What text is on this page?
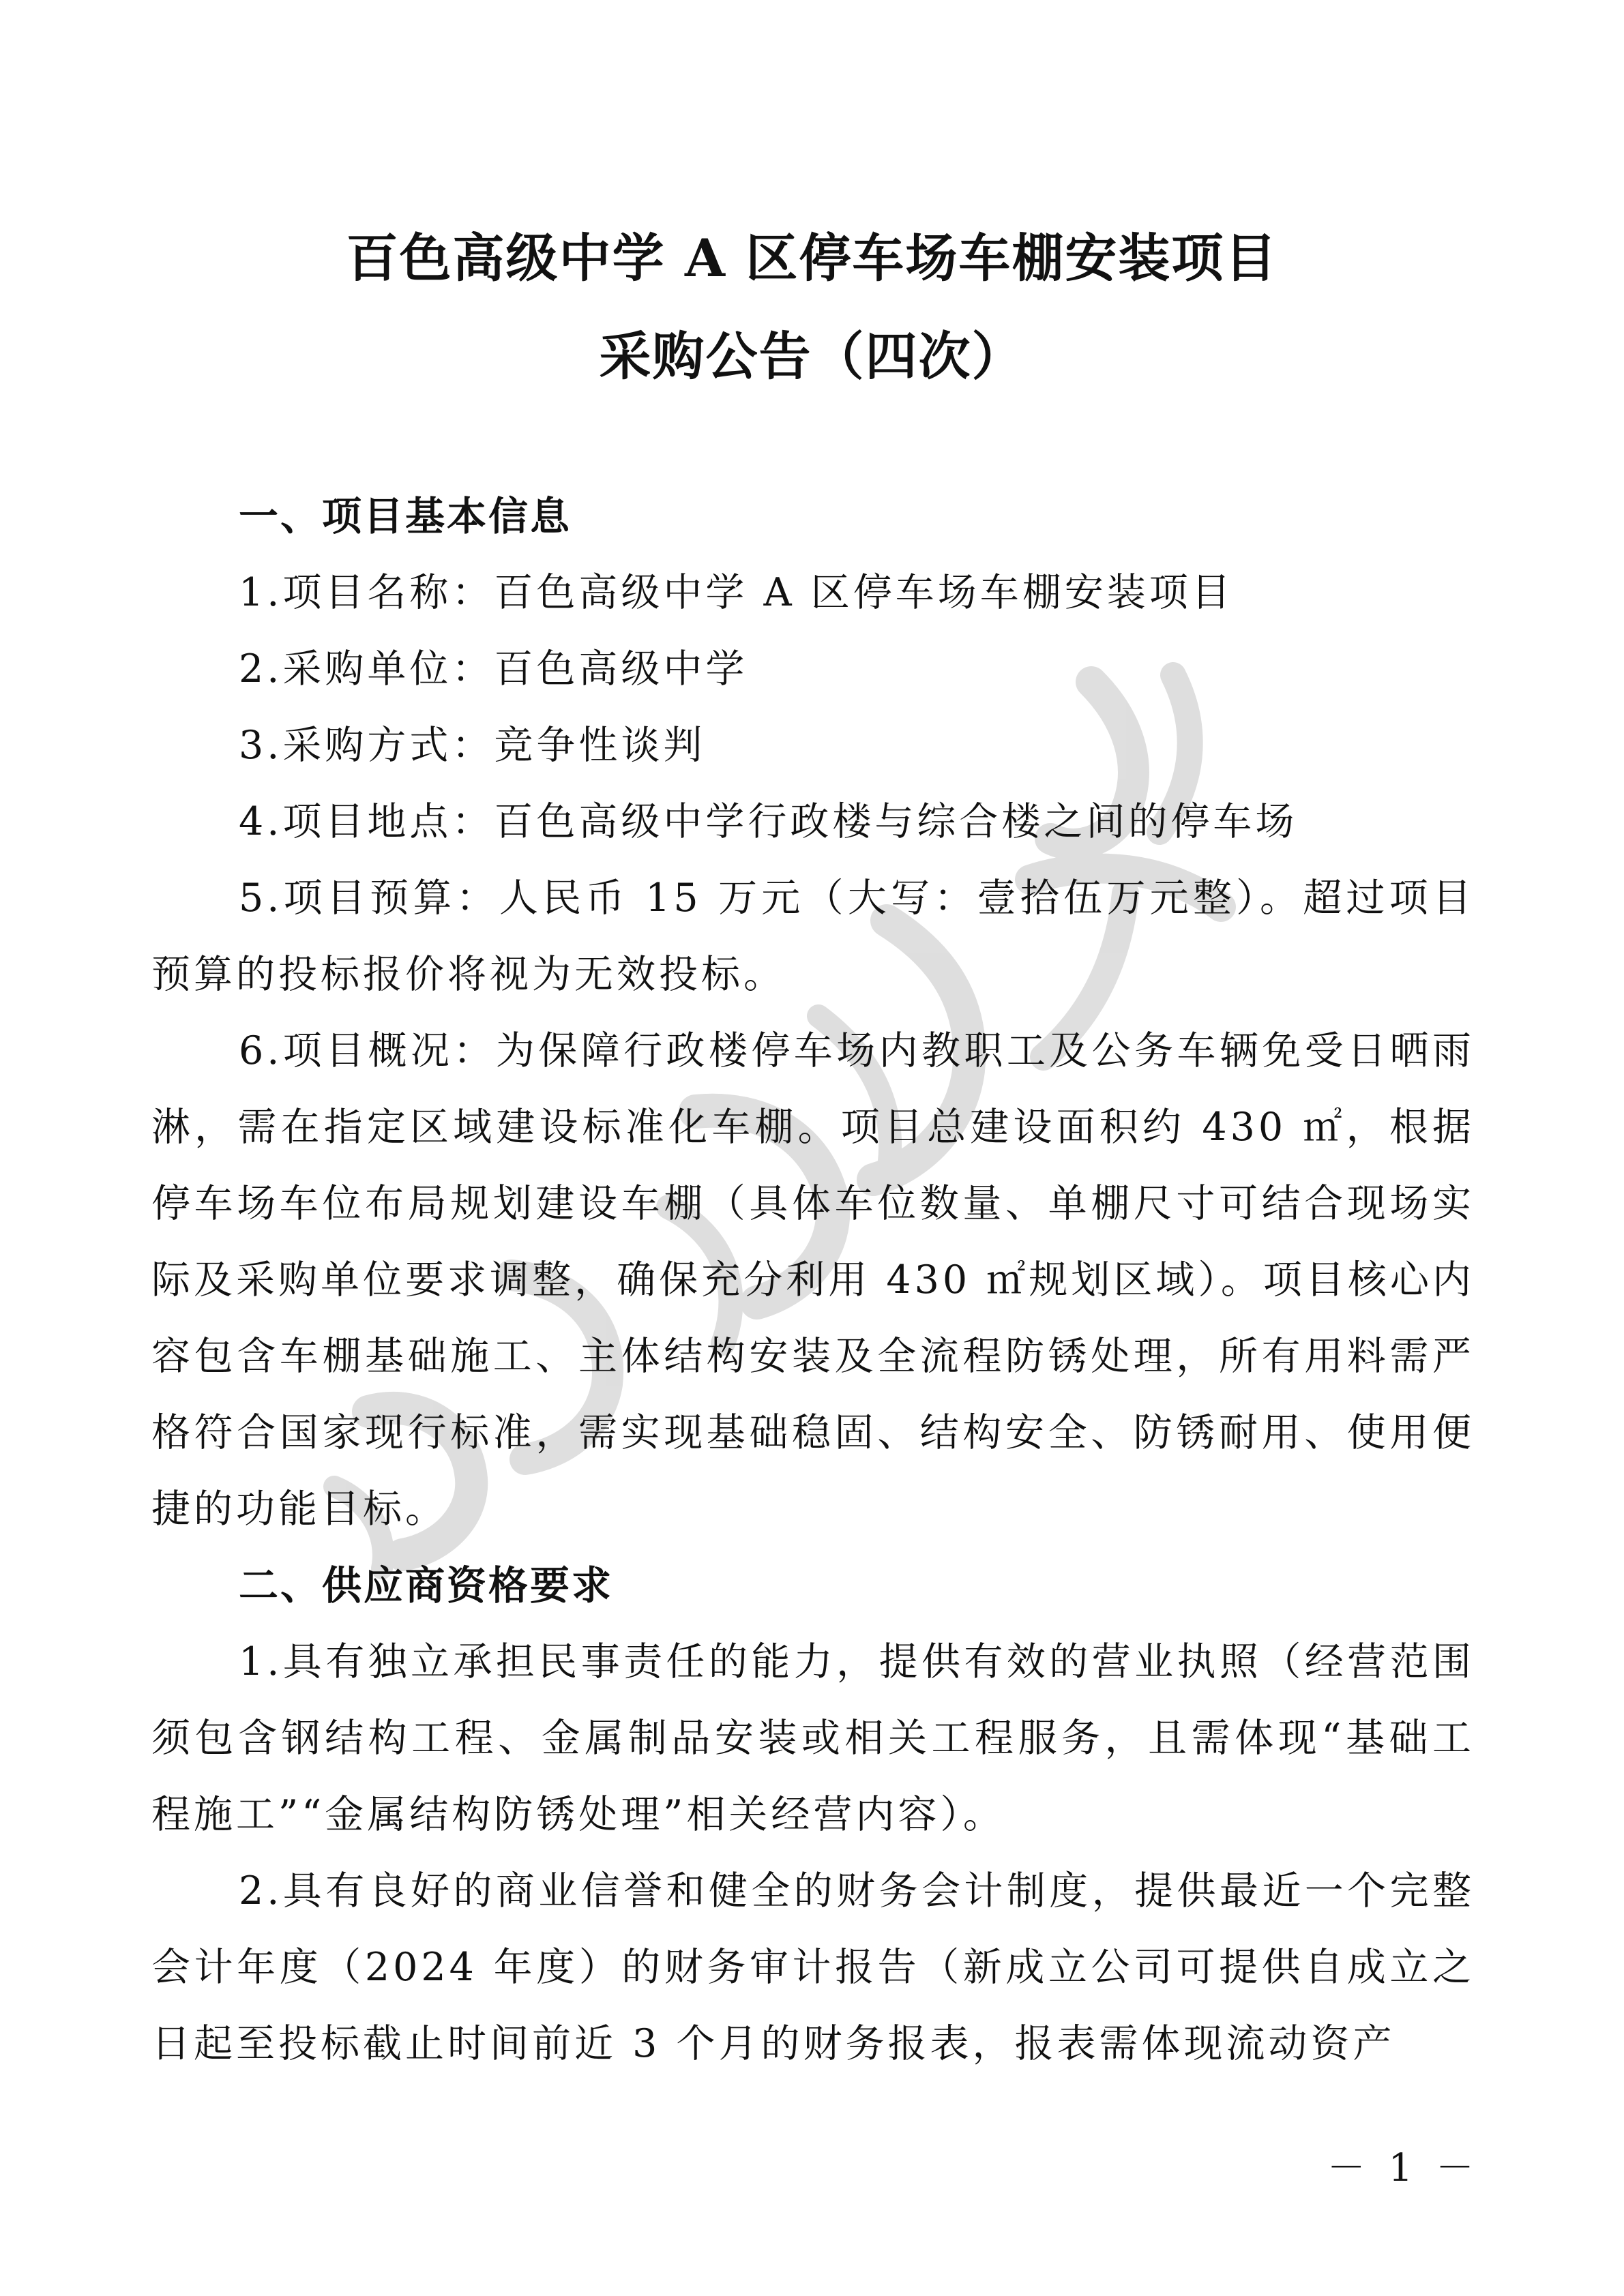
百色高级中学 A 区停车场车棚安装项目
采购公告（四次）
一、项目基本信息

1.项目名称：百色高级中学 A 区停车场车棚安装项目

2.采购单位：百色高级中学

3.采购方式：竞争性谈判

4.项目地点：百色高级中学行政楼与综合楼之间的停车场

5.项目预算：人民币 15 万元（大写：壹拾伍万元整）。超过项目预算的投标报价将视为无效投标。

6.项目概况：为保障行政楼停车场内教职工及公务车辆免受日晒雨淋，需在指定区域建设标准化车棚。项目总建设面积约 430 ㎡，根据停车场车位布局规划建设车棚（具体车位数量、单棚尺寸可结合现场实际及采购单位要求调整，确保充分利用 430 ㎡规划区域）。项目核心内容包含车棚基础施工、主体结构安装及全流程防锈处理，所有用料需严格符合国家现行标准，需实现基础稳固、结构安全、防锈耐用、使用便捷的功能目标。

二、供应商资格要求

1.具有独立承担民事责任的能力，提供有效的营业执照（经营范围须包含钢结构工程、金属制品安装或相关工程服务，且需体现“基础工程施工”“金属结构防锈处理”相关经营内容）。

2.具有良好的商业信誉和健全的财务会计制度，提供最近一个完整会计年度（2024 年度）的财务审计报告（新成立公司可提供自成立之日起至投标截止时间前近 3 个月的财务报表，报表需体现流动资产

－ 1 －
